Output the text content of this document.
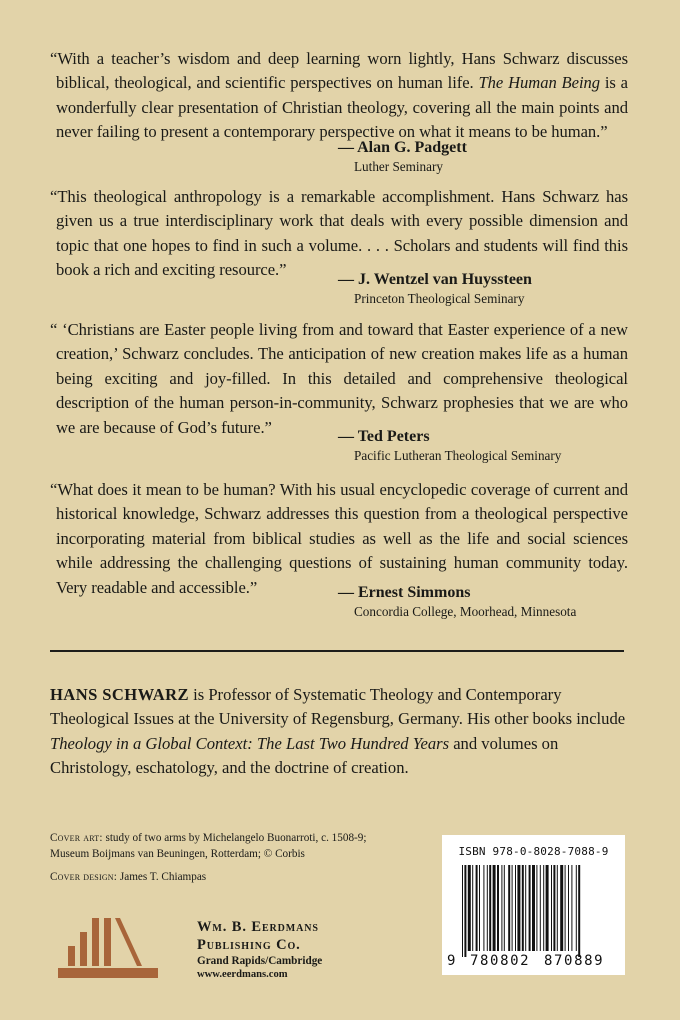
“With a teacher’s wisdom and deep learning worn lightly, Hans Schwarz discusses biblical, theological, and scientific perspectives on human life. The Human Being is a wonderfully clear presentation of Christian theology, covering all the main points and never failing to present a contemporary perspective on what it means to be human.”

— Alan G. Padgett
Luther Seminary

“This theological anthropology is a remarkable accomplishment. Hans Schwarz has given us a true interdisciplinary work that deals with every possible dimension and topic that one hopes to find in such a volume. . . . Scholars and students will find this book a rich and exciting resource.”

— J. Wentzel van Huyssteen
Princeton Theological Seminary

“ ‘Christians are Easter people living from and toward that Easter experience of a new creation,’ Schwarz concludes. The anticipation of new creation makes life as a human being exciting and joy-filled. In this detailed and comprehensive theological description of the human person-in-community, Schwarz prophesies that we are who we are because of God’s future.”	— Ted Peters
Pacific Lutheran Theological Seminary

“What does it mean to be human? With his usual encyclopedic coverage of current and historical knowledge, Schwarz addresses this question from a theological perspective incorporating material from biblical studies as well as the life and social sciences while addressing the challenging questions of sustaining human community today. Very readable and accessible.”	— Ernest Simmons
Concordia College, Moorhead, Minnesota
HANS SCHWARZ is Professor of Systematic Theology and Contemporary Theological Issues at the University of Regensburg, Germany. His other books include Theology in a Global Context: The Last Two Hundred Years and volumes on Christology, eschatology, and the doctrine of creation.
Cover art: study of two arms by Michelangelo Buonarroti, c. 1508-9;
Museum Boijmans van Beuningen, Rotterdam; © Corbis
Cover design: James T. Chiampas
Wm. B. Eerdmans
Publishing Co.
Grand Rapids/Cambridge
www.eerdmans.com
ISBN 978-0-8028-7088-9
9 780802 870889
